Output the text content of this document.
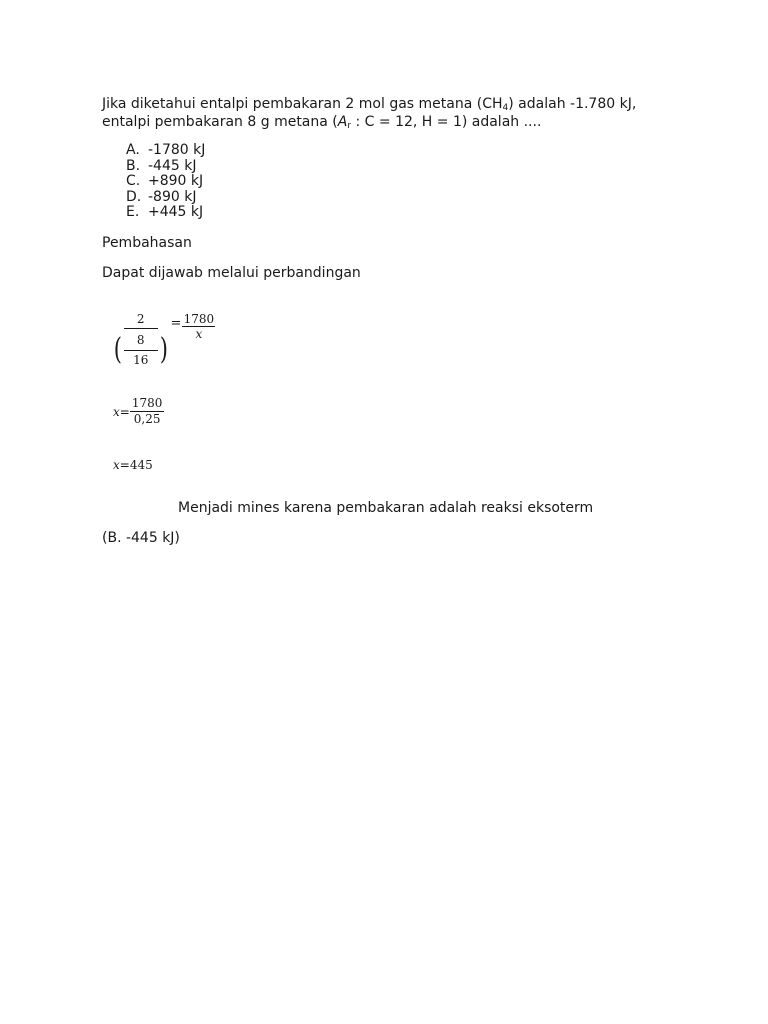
Jika diketahui entalpi pembakaran 2 mol gas metana $(CH_4)$ adalah -1.780 kJ,
entalpi pembakaran 8 g metana ($A_r$ : C = 12, H = 1) adalah ....
A. -1780 kJ
B. -445 kJ
C. +890 kJ
D. -890 kJ
E. +445 kJ
Pembahasan
Dapat dijawab melalui perbandingan
2
( $\frac{8}{16}$ )
= $\frac{1780}{x}$
$x = \frac{1780}{0,25}$
x=445
Menjadi mines karena pembakaran adalah reaksi eksoterm
(B. -445 kJ)
